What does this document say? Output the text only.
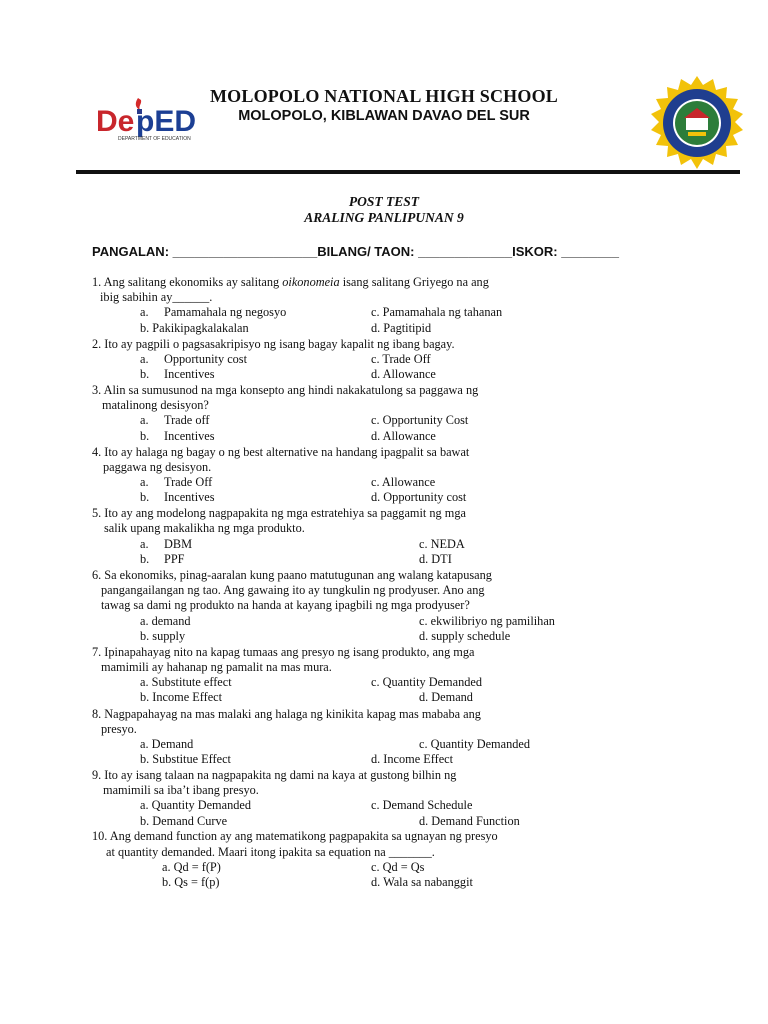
De pED
DEPARTMENT OF EDUCATION
MOLOPOLO NATIONAL HIGH SCHOOL
MOLOPOLO, KIBLAWAN DAVAO DEL SUR
POST TEST
ARALING PANLIPUNAN 9
PANGALAN: ____________________BILANG/ TAON: _____________ISKOR: ________
1. Ang salitang ekonomiks ay salitang oikonomeia isang salitang Griyego na ang
ibig sabihin ay______.
a. Pamamahala ng negosyo	c. Pamamahala ng tahanan
b. Pakikipagkalakalan	d. Pagtitipid
2. Ito ay pagpili o pagsasakripisyo ng isang bagay kapalit ng ibang bagay.
a. Opportunity cost	c. Trade Off
b. Incentives	d. Allowance
3. Alin sa sumusunod na mga konsepto ang hindi nakakatulong sa paggawa ng
matalinong desisyon?
a. Trade off	c. Opportunity Cost
b. Incentives	d. Allowance
4. Ito ay halaga ng bagay o ng best alternative na handang ipagpalit sa bawat
paggawa ng desisyon.
a. Trade Off	c. Allowance
b. Incentives	d. Opportunity cost
5. Ito ay ang modelong nagpapakita ng mga estratehiya sa paggamit ng mga
salik upang makalikha ng mga produkto.
a. DBM	c. NEDA
b. PPF	d. DTI
6. Sa ekonomiks, pinag-aaralan kung paano matutugunan ang walang katapusang
pangangailangan ng tao. Ang gawaing ito ay tungkulin ng prodyuser. Ano ang
tawag sa dami ng produkto na handa at kayang ipagbili ng mga prodyuser?
a. demand	c. ekwilibriyo ng pamilihan
b. supply	d. supply schedule
7. Ipinapahayag nito na kapag tumaas ang presyo ng isang produkto, ang mga
mamimili ay hahanap ng pamalit na mas mura.
a. Substitute effect	c. Quantity Demanded
b. Income Effect	d. Demand
8. Nagpapahayag na mas malaki ang halaga ng kinikita kapag mas mababa ang
presyo.
a. Demand	c. Quantity Demanded
b. Substitue Effect	d. Income Effect
9. Ito ay isang talaan na nagpapakita ng dami na kaya at gustong bilhin ng
mamimili sa iba’t ibang presyo.
a. Quantity Demanded	c. Demand Schedule
b. Demand Curve	d. Demand Function
10. Ang demand function ay ang matematikong pagpapakita sa ugnayan ng presyo
at quantity demanded. Maari itong ipakita sa equation na _______.
a. Qd = f(P)	c. Qd = Qs
b. Qs = f(p)	d. Wala sa nabanggit
